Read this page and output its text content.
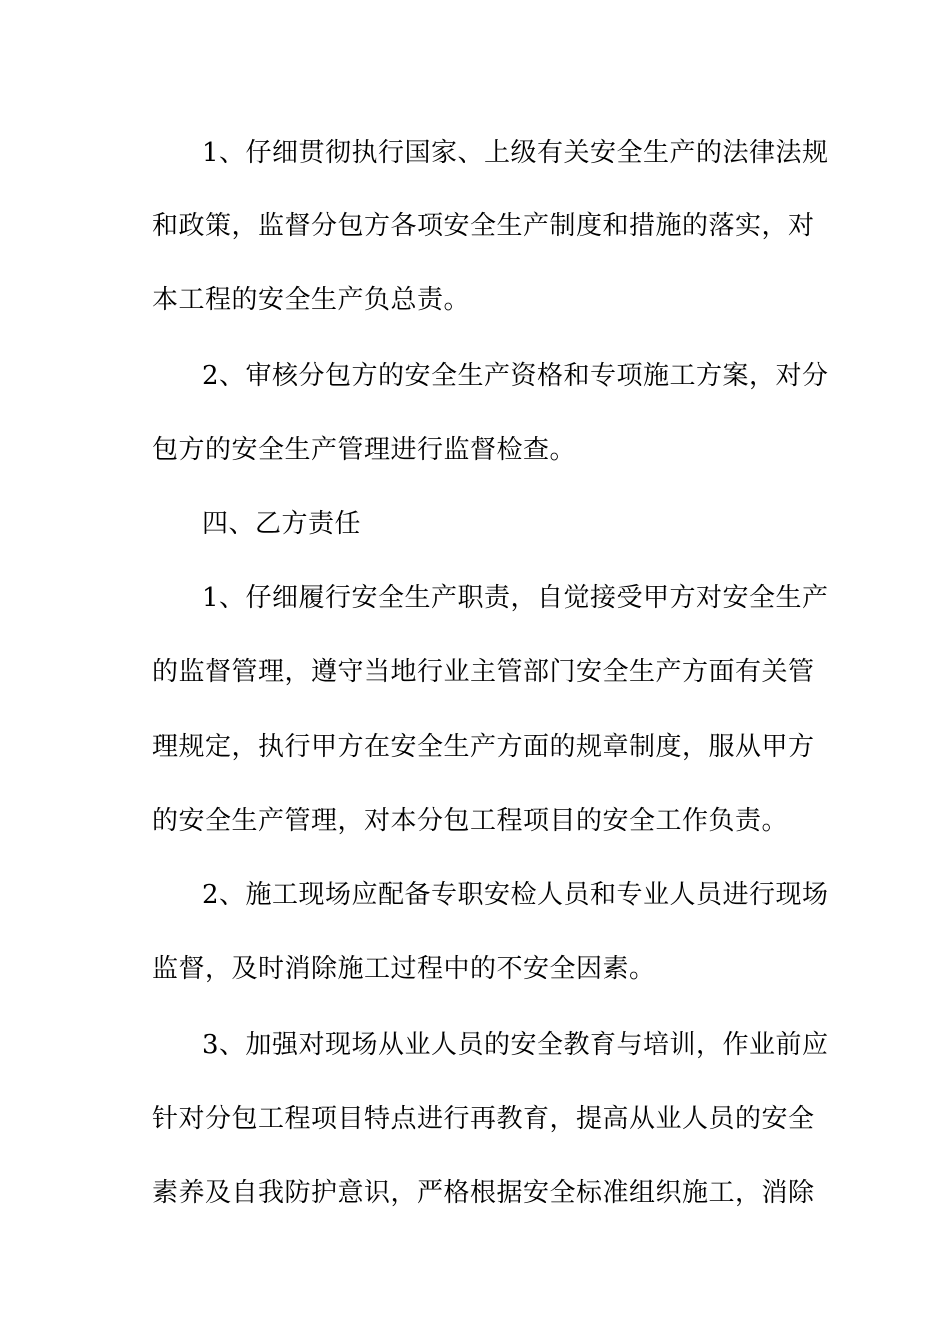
1、仔细贯彻执行国家、上级有关安全生产的法律法规
和政策，监督分包方各项安全生产制度和措施的落实，对
本工程的安全生产负总责。
2、审核分包方的安全生产资格和专项施工方案，对分
包方的安全生产管理进行监督检查。
四、乙方责任
1、仔细履行安全生产职责，自觉接受甲方对安全生产
的监督管理，遵守当地行业主管部门安全生产方面有关管
理规定，执行甲方在安全生产方面的规章制度，服从甲方
的安全生产管理，对本分包工程项目的安全工作负责。
2、施工现场应配备专职安检人员和专业人员进行现场
监督，及时消除施工过程中的不安全因素。
3、加强对现场从业人员的安全教育与培训，作业前应
针对分包工程项目特点进行再教育，提高从业人员的安全
素养及自我防护意识，严格根据安全标准组织施工，消除
